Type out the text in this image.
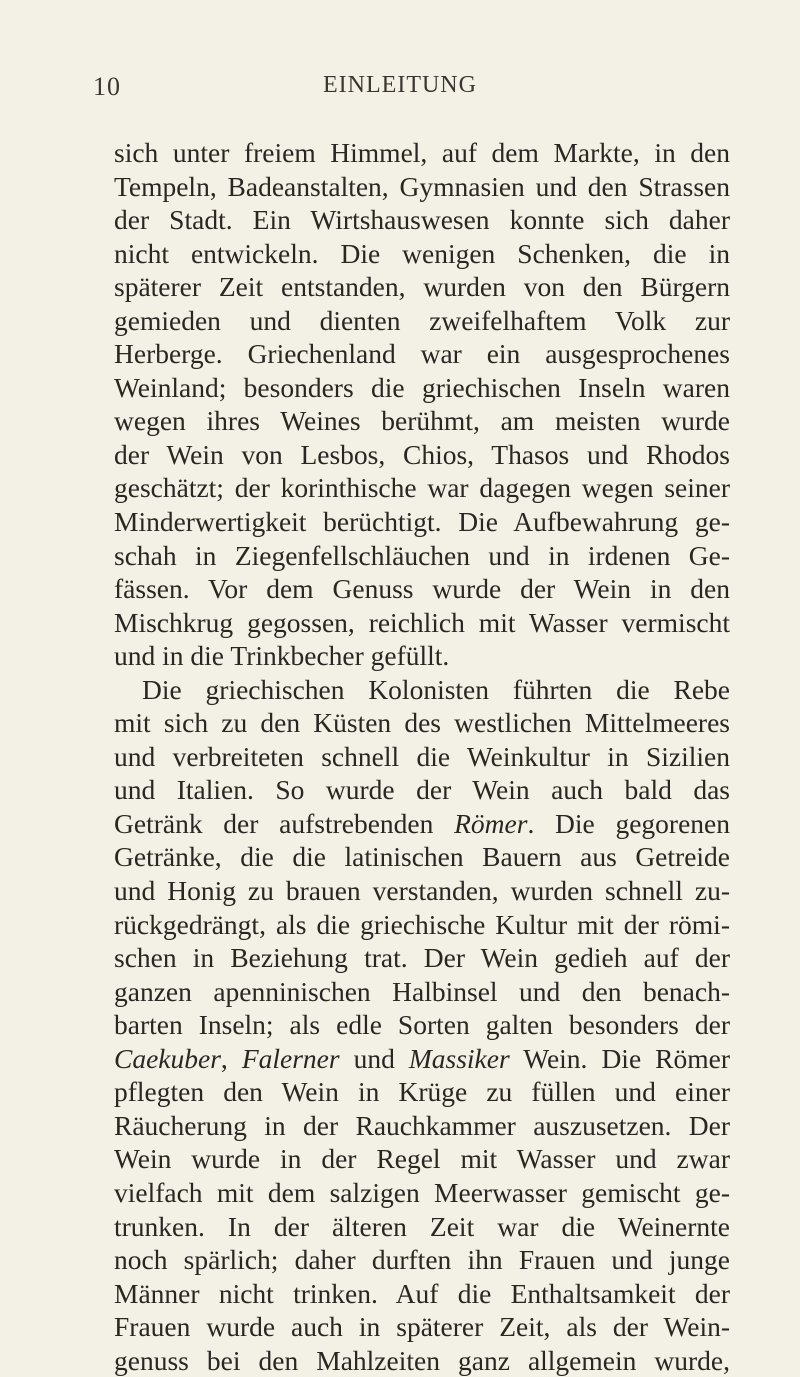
10	EINLEITUNG
sich unter freiem Himmel, auf dem Markte, in den
Tempeln, Badeanstalten, Gymnasien und den Strassen
der Stadt. Ein Wirtshauswesen konnte sich daher
nicht entwickeln. Die wenigen Schenken, die in
späterer Zeit entstanden, wurden von den Bürgern
gemieden und dienten zweifelhaftem Volk zur
Herberge. Griechenland war ein ausgesprochenes
Weinland; besonders die griechischen Inseln waren
wegen ihres Weines berühmt, am meisten wurde
der Wein von Lesbos, Chios, Thasos und Rhodos
geschätzt; der korinthische war dagegen wegen seiner
Minderwertigkeit berüchtigt. Die Aufbewahrung ge-
schah in Ziegenfellschläuchen und in irdenen Ge-
fässen. Vor dem Genuss wurde der Wein in den
Mischkrug gegossen, reichlich mit Wasser vermischt
und in die Trinkbecher gefüllt.
Die griechischen Kolonisten führten die Rebe
mit sich zu den Küsten des westlichen Mittelmeeres
und verbreiteten schnell die Weinkultur in Sizilien
und Italien. So wurde der Wein auch bald das
Getränk der aufstrebenden Römer. Die gegorenen
Getränke, die die latinischen Bauern aus Getreide
und Honig zu brauen verstanden, wurden schnell zu-
rückgedrängt, als die griechische Kultur mit der römi-
schen in Beziehung trat. Der Wein gedieh auf der
ganzen apenninischen Halbinsel und den benach-
barten Inseln; als edle Sorten galten besonders der
Caekuber, Falerner und Massiker Wein. Die Römer
pflegten den Wein in Krüge zu füllen und einer
Räucherung in der Rauchkammer auszusetzen. Der
Wein wurde in der Regel mit Wasser und zwar
vielfach mit dem salzigen Meerwasser gemischt ge-
trunken. In der älteren Zeit war die Weinernte
noch spärlich; daher durften ihn Frauen und junge
Männer nicht trinken. Auf die Enthaltsamkeit der
Frauen wurde auch in späterer Zeit, als der Wein-
genuss bei den Mahlzeiten ganz allgemein wurde,
